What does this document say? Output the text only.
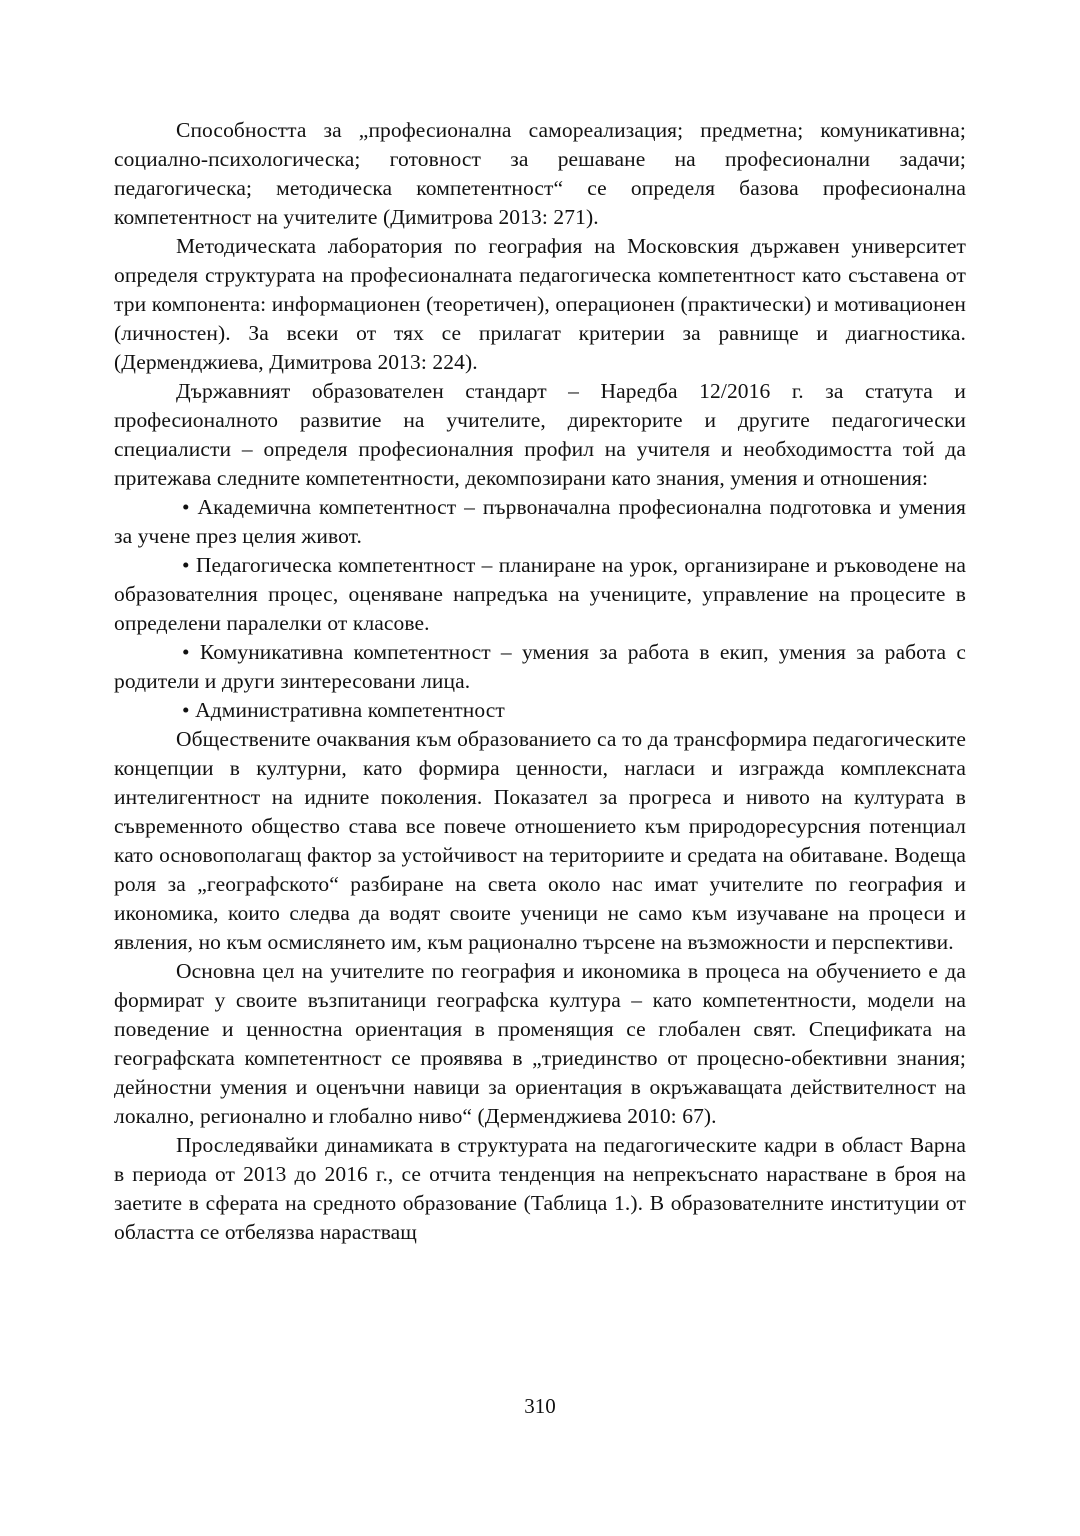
Способността за „професионална самореализация; предметна; комуникативна; социално-психологическа; готовност за решаване на професионални задачи; педагогическа; методическа компетентност“ се определя базова професионална компетентност на учителите (Димитрова 2013: 271).

Методическата лаборатория по география на Московския държавен университет определя структурата на професионалната педагогическа компетентност като съставена от три компонента: информационен (теоретичен), операционен (практически) и мотивационен (личностен). За всеки от тях се прилагат критерии за равнище и диагностика. (Дерменджиева, Димитрова 2013: 224).

Държавният образователен стандарт – Наредба 12/2016 г. за статута и професионалното развитие на учителите, директорите и другите педагогически специалисти – определя професионалния профил на учителя и необходимостта той да притежава следните компетентности, декомпозирани като знания, умения и отношения:

• Академична компетентност – първоначална професионална подготовка и умения за учене през целия живот.

• Педагогическа компетентност – планиране на урок, организиране и ръководене на образователния процес, оценяване напредъка на учениците, управление на процесите в определени паралелки от класове.

• Комуникативна компетентност – умения за работа в екип, умения за работа с родители и други зинтересовани лица.

• Административна компетентност

Обществените очаквания към образованието са то да трансформира педагогическите концепции в културни, като формира ценности, нагласи и изгражда комплексната интелигентност на идните поколения. Показател за прогреса и нивото на културата в съвременното общество става все повече отношението към природоресурсния потенциал като основополагащ фактор за устойчивост на териториите и средата на обитаване. Водеща роля за „географското“ разбиране на света около нас имат учителите по география и икономика, които следва да водят своите ученици не само към изучаване на процеси и явления, но към осмислянето им, към рационално търсене на възможности и перспективи.

Основна цел на учителите по география и икономика в процеса на обучението е да формират у своите възпитаници географска култура – като компетентности, модели на поведение и ценностна ориентация в променящия се глобален свят. Спецификата на географската компетентност се проявява в „триединство от процесно-обективни знания; дейностни умения и оценъчни навици за ориентация в окръжаващата действителност на локално, регионално и глобално ниво“ (Дерменджиева 2010: 67).

Проследявайки динамиката в структурата на педагогическите кадри в област Варна в периода от 2013 до 2016 г., се отчита тенденция на непрекъснато нарастване в броя на заетите в сферата на средното образование (Таблица 1.). В образователните институции от областта се отбелязва нарастващ

310
